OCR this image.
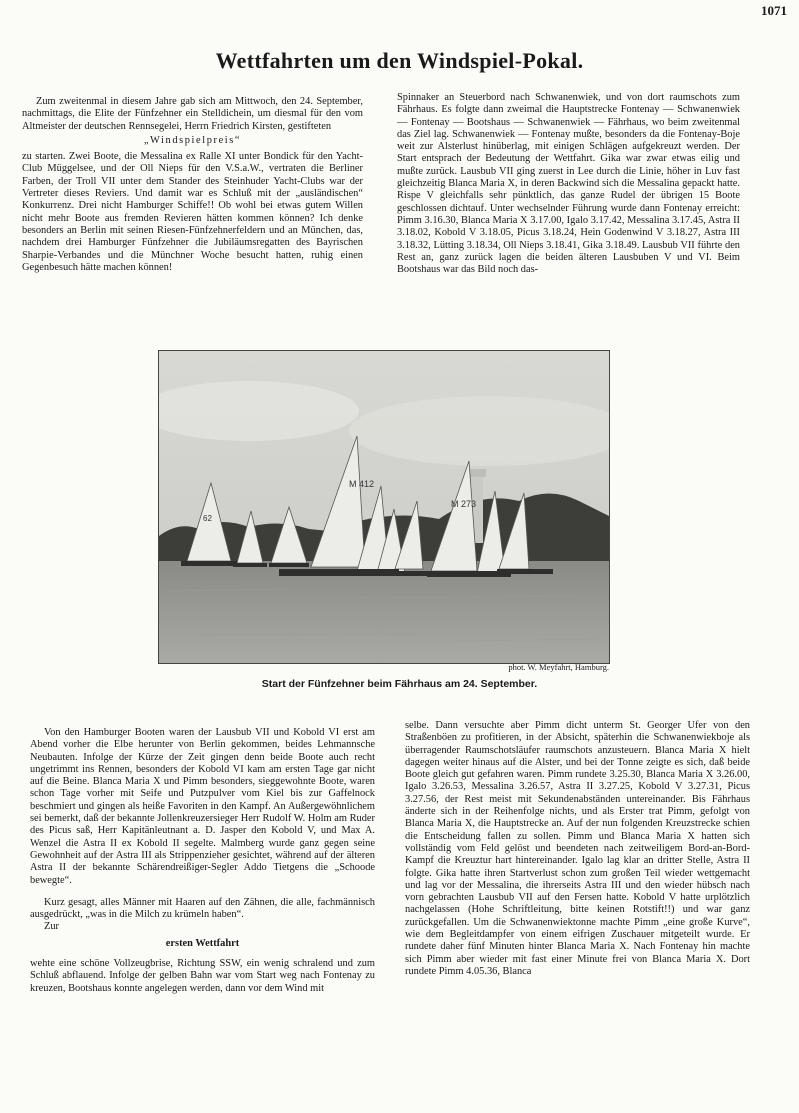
1071
Wettfahrten um den Windspiel-Pokal.

Zum zweitenmal in diesem Jahre gab sich am Mittwoch, den 24. September, nachmittags, die Elite der Fünfzehner ein Stelldichein, um diesmal für den vom Altmeister der deutschen Rennsegelei, Herrn Friedrich Kirsten, gestifteten

„Windspielpreis“

zu starten. Zwei Boote, die Messalina ex Ralle XI unter Bondick für den Yacht-Club Müggelsee, und der Oll Nieps für den V.S.a.W., vertraten die Berliner Farben, der Troll VII unter dem Stander des Steinhuder Yacht-Clubs war der Vertreter dieses Reviers. Und damit war es Schluß mit der „ausländischen“ Konkurrenz. Drei nicht Hamburger Schiffe!! Ob wohl bei etwas gutem Willen nicht mehr Boote aus fremden Revieren hätten kommen können? Ich denke besonders an Berlin mit seinen Riesen-Fünfzehnerfeldern und an München, das, nachdem drei Hamburger Fünfzehner die Jubiläumsregatten des Bayrischen Sharpie-Verbandes und die Münchner Woche besucht hatten, ruhig einen Gegenbesuch hätte machen können!

Spinnaker an Steuerbord nach Schwanenwiek, und von dort raumschots zum Fährhaus. Es folgte dann zweimal die Hauptstrecke Fontenay — Schwanenwiek — Fontenay — Bootshaus — Schwanenwiek — Fährhaus, wo beim zweitenmal das Ziel lag. Schwanenwiek — Fontenay mußte, besonders da die Fontenay-Boje weit zur Alsterlust hinüberlag, mit einigen Schlägen aufgekreuzt werden. Der Start entsprach der Bedeutung der Wettfahrt. Gika war zwar etwas eilig und mußte zurück. Lausbub VII ging zuerst in Lee durch die Linie, höher in Luv fast gleichzeitig Blanca Maria X, in deren Backwind sich die Messalina gepackt hatte. Rispe V gleichfalls sehr pünktlich, das ganze Rudel der übrigen 15 Boote geschlossen dichtauf. Unter wechselnder Führung wurde dann Fontenay erreicht: Pimm 3.16.30, Blanca Maria X 3.17.00, Igalo 3.17.42, Messalina 3.17.45, Astra II 3.18.02, Kobold V 3.18.05, Picus 3.18.24, Hein Godenwind V 3.18.27, Astra III 3.18.32, Lütting 3.18.34, Oll Nieps 3.18.41, Gika 3.18.49. Lausbub VII führte den Rest an, ganz zurück lagen die beiden älteren Lausbuben V und VI. Beim Bootshaus war das Bild noch das-

M 412
M 273
62
phot. W. Meyfahrt, Hamburg.
Start der Fünfzehner beim Fährhaus am 24. September.

Von den Hamburger Booten waren der Lausbub VII und Kobold VI erst am Abend vorher die Elbe herunter von Berlin gekommen, beides Lehmannsche Neubauten. Infolge der Kürze der Zeit gingen denn beide Boote auch recht ungetrimmt ins Rennen, besonders der Kobold VI kam am ersten Tage gar nicht auf die Beine. Blanca Maria X und Pimm besonders, sieggewohnte Boote, waren schon Tage vorher mit Seife und Putzpulver vom Kiel bis zur Gaffelnock beschmiert und gingen als heiße Favoriten in den Kampf. An Außergewöhnlichem sei bemerkt, daß der bekannte Jollenkreuzersieger Herr Rudolf W. Holm am Ruder des Picus saß, Herr Kapitänleutnant a. D. Jasper den Kobold V, und Max A. Wenzel die Astra II ex Kobold II segelte. Malmberg wurde ganz gegen seine Gewohnheit auf der Astra III als Strippenzieher gesichtet, während auf der älteren Astra II der bekannte Schärendreißiger-Segler Addo Tietgens die „Schoode bewegte“.

Kurz gesagt, alles Männer mit Haaren auf den Zähnen, die alle, fachmännisch ausgedrückt, „was in die Milch zu krümeln haben“.

Zur

ersten Wettfahrt

wehte eine schöne Vollzeugbrise, Richtung SSW, ein wenig schralend und zum Schluß abflauend. Infolge der gelben Bahn war vom Start weg nach Fontenay zu kreuzen, Bootshaus konnte angelegen werden, dann vor dem Wind mit

selbe. Dann versuchte aber Pimm dicht unterm St. Georger Ufer von den Straßenböen zu profitieren, in der Absicht, späterhin die Schwanenwiekboje als überragender Raumschotsläufer raumschots anzusteuern. Blanca Maria X hielt dagegen weiter hinaus auf die Alster, und bei der Tonne zeigte es sich, daß beide Boote gleich gut gefahren waren. Pimm rundete 3.25.30, Blanca Maria X 3.26.00, Igalo 3.26.53, Messalina 3.26.57, Astra II 3.27.25, Kobold V 3.27.31, Picus 3.27.56, der Rest meist mit Sekundenabständen untereinander. Bis Fährhaus änderte sich in der Reihenfolge nichts, und als Erster trat Pimm, gefolgt von Blanca Maria X, die Hauptstrecke an. Auf der nun folgenden Kreuzstrecke schien die Entscheidung fallen zu sollen. Pimm und Blanca Maria X hatten sich vollständig vom Feld gelöst und beendeten nach zeitweiligem Bord-an-Bord-Kampf die Kreuztur hart hintereinander. Igalo lag klar an dritter Stelle, Astra II folgte. Gika hatte ihren Startverlust schon zum großen Teil wieder wettgemacht und lag vor der Messalina, die ihrerseits Astra III und den wieder hübsch nach vorn gebrachten Lausbub VII auf den Fersen hatte. Kobold V hatte urplötzlich nachgelassen (Hohe Schriftleitung, bitte keinen Rotstift!!) und war ganz zurückgefallen. Um die Schwanenwiektonne machte Pimm „eine große Kurve“, wie dem Begleitdampfer von einem eifrigen Zuschauer mitgeteilt wurde. Er rundete daher fünf Minuten hinter Blanca Maria X. Nach Fontenay hin machte sich Pimm aber wieder mit fast einer Minute frei von Blanca Maria X. Dort rundete Pimm 4.05.36, Blanca
